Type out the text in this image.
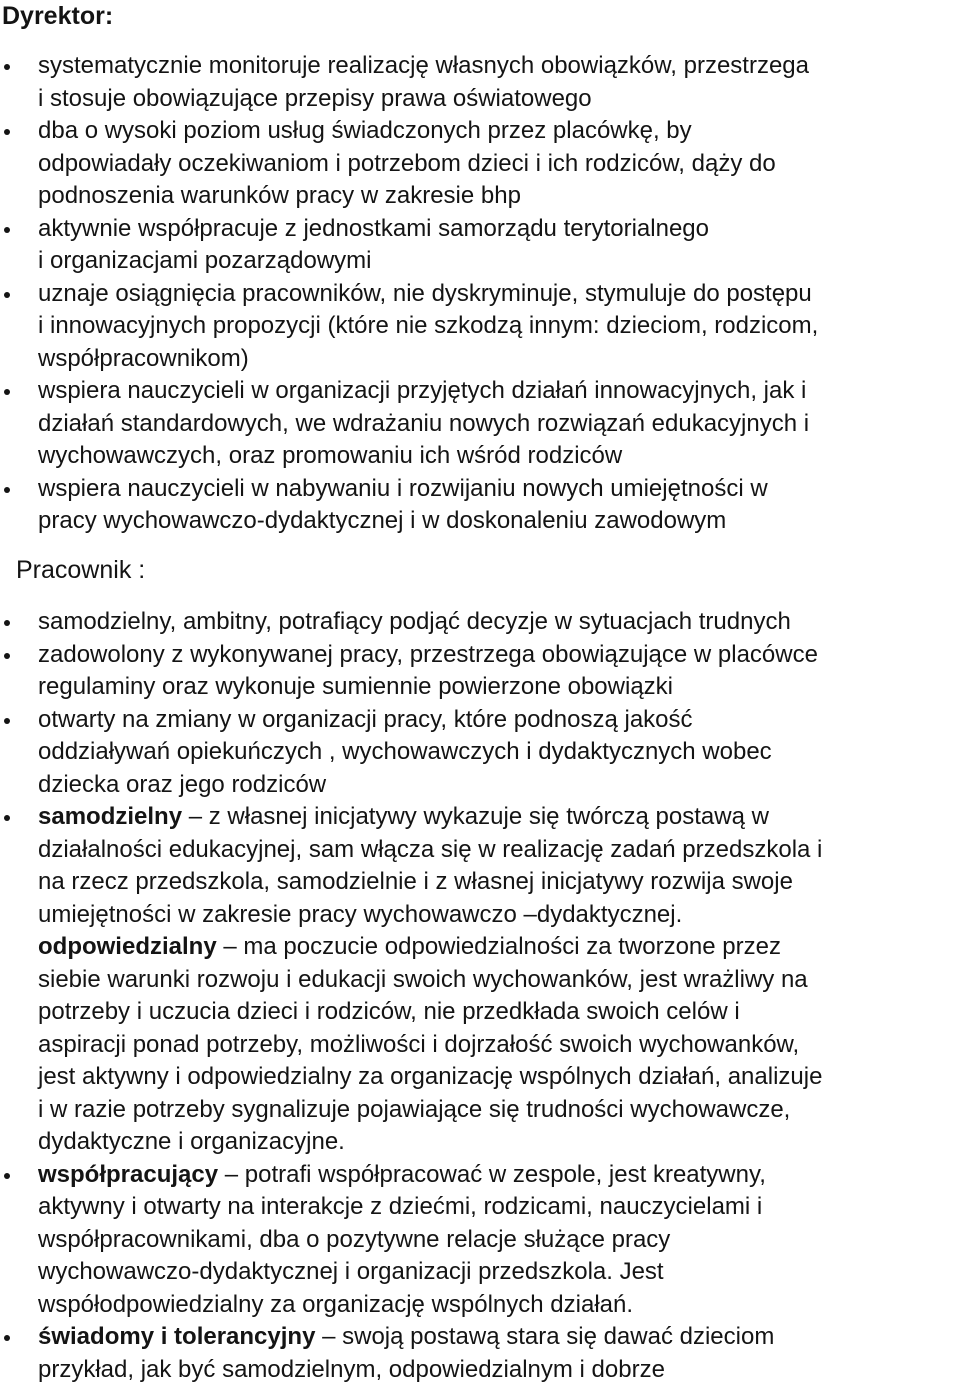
Dyrektor:
systematycznie monitoruje realizację własnych obowiązków, przestrzega
i stosuje obowiązujące przepisy prawa oświatowego
dba o wysoki poziom usług świadczonych przez placówkę, by
odpowiadały oczekiwaniom i potrzebom dzieci i ich rodziców, dąży do
podnoszenia warunków pracy w zakresie bhp
aktywnie współpracuje z jednostkami samorządu terytorialnego
i organizacjami pozarządowymi
uznaje osiągnięcia pracowników, nie dyskryminuje, stymuluje do postępu
i innowacyjnych propozycji (które nie szkodzą innym: dzieciom, rodzicom,
współpracownikom)
wspiera nauczycieli w organizacji przyjętych działań innowacyjnych, jak i
działań standardowych, we wdrażaniu nowych rozwiązań edukacyjnych i
wychowawczych, oraz promowaniu ich wśród rodziców
wspiera nauczycieli w nabywaniu i rozwijaniu nowych umiejętności w
pracy wychowawczo-dydaktycznej i w doskonaleniu zawodowym
Pracownik :
samodzielny, ambitny, potrafiący podjąć decyzje w sytuacjach trudnych
zadowolony z wykonywanej pracy, przestrzega obowiązujące w placówce
regulaminy oraz wykonuje sumiennie powierzone obowiązki
otwarty na zmiany w organizacji pracy, które podnoszą jakość
oddziaływań opiekuńczych , wychowawczych i dydaktycznych wobec
dziecka oraz jego rodziców
samodzielny – z własnej inicjatywy wykazuje się twórczą postawą w
działalności edukacyjnej, sam włącza się w realizację zadań przedszkola i
na rzecz przedszkola, samodzielnie i z własnej inicjatywy rozwija swoje
umiejętności w zakresie pracy wychowawczo –dydaktycznej.
odpowiedzialny – ma poczucie odpowiedzialności za tworzone przez
siebie warunki rozwoju i edukacji swoich wychowanków, jest wrażliwy na
potrzeby i uczucia dzieci i rodziców, nie przedkłada swoich celów i
aspiracji ponad potrzeby, możliwości i dojrzałość swoich wychowanków,
jest aktywny i odpowiedzialny za organizację wspólnych działań, analizuje
i w razie potrzeby sygnalizuje pojawiające się trudności wychowawcze,
dydaktyczne i organizacyjne.
współpracujący – potrafi współpracować w zespole, jest kreatywny,
aktywny i otwarty na interakcje z dziećmi, rodzicami, nauczycielami i
współpracownikami, dba o pozytywne relacje służące pracy
wychowawczo-dydaktycznej i organizacji przedszkola. Jest
współodpowiedzialny za organizację wspólnych działań.
świadomy i tolerancyjny – swoją postawą stara się dawać dzieciom
przykład, jak być samodzielnym, odpowiedzialnym i dobrze
